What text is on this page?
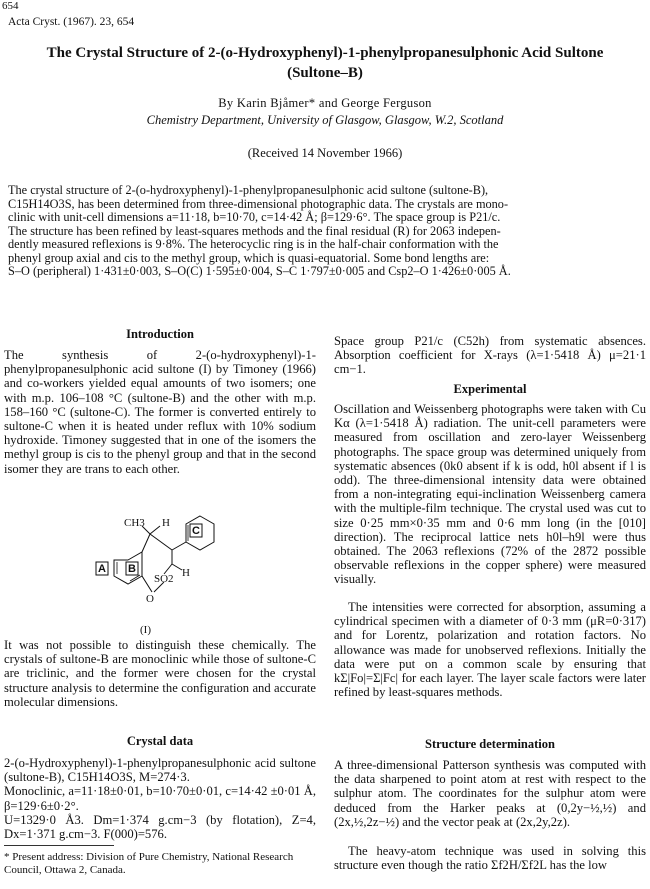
654
Acta Cryst. (1967). 23, 654
The Crystal Structure of 2-(o-Hydroxyphenyl)-1-phenylpropanesulphonic Acid Sultone
(Sultone–B)
By Karin Bjåmer* and George Ferguson
Chemistry Department, University of Glasgow, Glasgow, W.2, Scotland
(Received 14 November 1966)
The crystal structure of 2-(o-hydroxyphenyl)-1-phenylpropanesulphonic acid sultone (sultone-B),
C15H14O3S, has been determined from three-dimensional photographic data. The crystals are mono-
clinic with unit-cell dimensions a=11·18, b=10·70, c=14·42 Å; β=129·6°. The space group is P21/c.
The structure has been refined by least-squares methods and the final residual (R) for 2063 indepen-
dently measured reflexions is 9·8%. The heterocyclic ring is in the half-chair conformation with the
phenyl group axial and cis to the methyl group, which is quasi-equatorial. Some bond lengths are:
S–O (peripheral) 1·431±0·003, S–O(C) 1·595±0·004, S–C 1·797±0·005 and Csp2–O 1·426±0·005 Å.
Introduction
The synthesis of 2-(o-hydroxyphenyl)-1-phenylpropanesulphonic acid sultone (I) by Timoney (1966) and co-workers yielded equal amounts of two isomers; one with m.p. 106–108 °C (sultone-B) and the other with m.p. 158–160 °C (sultone-C). The former is converted entirely to sultone-C when it is heated under reflux with 10% sodium hydroxide. Timoney suggested that in one of the isomers the methyl group is cis to the phenyl group and that in the second isomer they are trans to each other.
C
A B
CH3 H
H
SO2
O
(I)
It was not possible to distinguish these chemically. The crystals of sultone-B are monoclinic while those of sultone-C are triclinic, and the former were chosen for the crystal structure analysis to determine the configuration and accurate molecular dimensions.
Crystal data
2-(o-Hydroxyphenyl)-1-phenylpropanesulphonic acid sultone (sultone-B), C15H14O3S, M=274·3.
Monoclinic, a=11·18±0·01, b=10·70±0·01, c=14·42 ±0·01 Å, β=129·6±0·2°.
U=1329·0 Å3. Dm=1·374 g.cm−3 (by flotation), Z=4, Dx=1·371 g.cm−3. F(000)=576.
* Present address: Division of Pure Chemistry, National Research Council, Ottawa 2, Canada.
Space group P21/c (C52h) from systematic absences. Absorption coefficient for X-rays (λ=1·5418 Å) μ=21·1 cm−1.
Experimental
Oscillation and Weissenberg photographs were taken with Cu Kα (λ=1·5418 Å) radiation. The unit-cell parameters were measured from oscillation and zero-layer Weissenberg photographs. The space group was determined uniquely from systematic absences (0k0 absent if k is odd, h0l absent if l is odd). The three-dimensional intensity data were obtained from a non-integrating equi-inclination Weissenberg camera with the multiple-film technique. The crystal used was cut to size 0·25 mm×0·35 mm and 0·6 mm long (in the [010] direction). The reciprocal lattice nets h0l–h9l were thus obtained. The 2063 reflexions (72% of the 2872 possible observable reflexions in the copper sphere) were measured visually.
The intensities were corrected for absorption, assuming a cylindrical specimen with a diameter of 0·3 mm (μR=0·317) and for Lorentz, polarization and rotation factors. No allowance was made for unobserved reflexions. Initially the data were put on a common scale by ensuring that kΣ|Fo|=Σ|Fc| for each layer. The layer scale factors were later refined by least-squares methods.
Structure determination
A three-dimensional Patterson synthesis was computed with the data sharpened to point atom at rest with respect to the sulphur atom. The coordinates for the sulphur atom were deduced from the Harker peaks at (0,2y−½,½) and (2x,½,2z−½) and the vector peak at (2x,2y,2z).
The heavy-atom technique was used in solving this structure even though the ratio Σf2H/Σf2L has the low
